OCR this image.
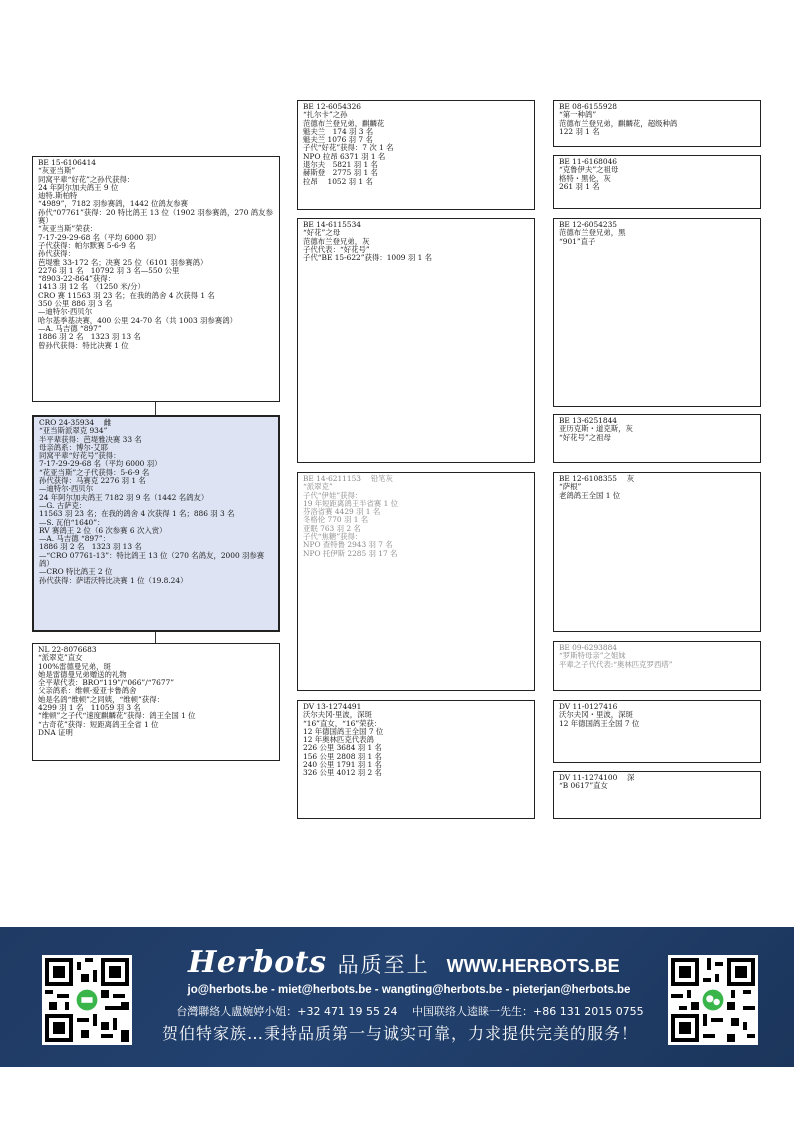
BE 15-6106414
“灰亚当斯”
同窝平辈“好花”之孙代获得：
24 年阿尔加夫鸽王 9 位
迪特.斯柏特
“4989”，7182 羽参赛鸽，1442 位鸽友参赛
孙代“07761”获得：20 特比鸽王 13 位（1902 羽参赛鸽，270 鸽友参赛）
“灰亚当斯”荣获：
7-17-29-29-68 名（平均 6000 羽）
子代获得：帕尔默赛 5-6-9 名
孙代获得：
芭堤雅 33-172 名；决赛 25 位（6101 羽参赛鸽）
2276 羽 1 名　10792 羽 3 名—550 公里
“8903-22-864”获得：
1413 羽 12 名　（1250 米/分）
CRO 赛 11563 羽 23 名；在我的鸽舍 4 次获得 1 名
350 公里 886 羽 3 名
—迪特尔·西贝尔
哈尔基季基决赛，400 公里 24-70 名（共 1003 羽参赛鸽）
—A. 马吉德 “897”
1886 羽 2 名　1323 羽 13 名
曾孙代获得：特比决赛 1 位
CRO 24-35934　 雌
“亚当斯派翠克 934”
半平辈获得：芭堤雅决赛 33 名
母亲鸽系：博尔-艾耶
同窝平辈“好花号”获得：
7-17-29-29-68 名（平均 6000 羽）
“花亚当斯”之子代获得：5-6-9 名
孙代获得：马赛克 2276 羽 1 名
—迪特尔·西贝尔
24 年阿尔加夫鸽王 7182 羽 9 名（1442 名鸽友）
—G. 古萨克：
11563 羽 23 名；在我的鸽舍 4 次获得 1 名；886 羽 3 名
—S. 瓦伯“1640”：
RV 赛鸽王 2 位（6 次参赛 6 次入赏）
—A. 马吉德 “897”：
1886 羽 2 名　1323 羽 13 名
—“CRO 07761-13”：特比鸽王 13 位（270 名鸽友，2000 羽参赛鸽）
—CRO 特比鸽王 2 位
孙代获得：萨诺沃特比决赛 1 位（19.8.24）
NL 22-8076683
“派翠克”直女
100%雷德曼兄弟，斑
她是雷德曼兄弟赠送的礼物
全平辈代表：BRO“119”/“066”/“7677”
父亲鸽系：维顿-爱亚卡鲁鸽舍
她是名鸽“维顿”之同姨，“维顿”获得：
4299 羽 1 名　11059 羽 3 名
“维顿”之子代“速度麒麟花”获得：鸽王全国 1 位
“古奇花”获得：短距离鸽王全省 1 位
DNA 证明
BE 12-6054326
“扎尔卡”之孙
范德布兰登兄弟，麒麟花
魁夫兰　174 羽 3 名
魁夫兰 1076 羽 7 名
子代“好花”获得：7 次 1 名
NPO 拉昂 6371 羽 1 名
退尔夫　5821 羽 1 名
赫斯登　2775 羽 1 名
拉昂　 1052 羽 1 名
BE 14-6115534
“好花”之母
范德布兰登兄弟，灰
子代代表：“好花号”
子代“BE 15-622”获得：1009 羽 1 名
BE 14-6211153　 铅笔灰
“派翠克”
子代“伊娃”获得：
19 年短距离鸽王半省赛 1 位
芬洛省赛 4429 羽 1 名
冬格伦 770 羽 1 名
亚眠 763 羽 2 名
子代“焦糖”获得：
NPO 查特鲁 2943 羽 7 名
NPO 托伊斯 2285 羽 17 名
DV 13-1274491
沃尔夫冈·里波，深斑
“16”直女，“16”荣获：
12 年德国鸽王全国 7 位
12 年奥林匹克代表鸽
226 公里 3684 羽 1 名
156 公里 2808 羽 1 名
240 公里 1791 羽 1 名
326 公里 4012 羽 2 名
BE 08-6155928
“第一种鸽”
范德布兰登兄弟，麒麟花，超级种鸽
122 羽 1 名
BE 11-6168046
“克鲁伊夫”之祖母
格特・黑伦，灰
261 羽 1 名
BE 12-6054235
范德布兰登兄弟，黑
“901”直子
BE 13-6251844
亚历克斯・道克斯，灰
“好花号”之祖母
BE 12-6108355　 灰
“萨根”
老鸽鸽王全国 1 位
BE 09-6293884
“罗斯特母亲”之姐妹
平辈之子代代表:“奥林匹克罗西塔”
DV 11-0127416
沃尔夫冈・里波，深斑
12 年德国鸽王全国 7 位
DV 11-1274100　 深
“B 0617”直女
Herbots 品质至上 WWW.HERBOTS.BE
jo@herbots.be - miet@herbots.be - wangting@herbots.be - pieterjan@herbots.be
台灣聯絡人盧婉婷小姐：+32 471 19 55 24　 中国联络人逵睐一先生：+86 131 2015 0755
贺伯特家族…秉持品质第一与诚实可靠，力求提供完美的服务！
